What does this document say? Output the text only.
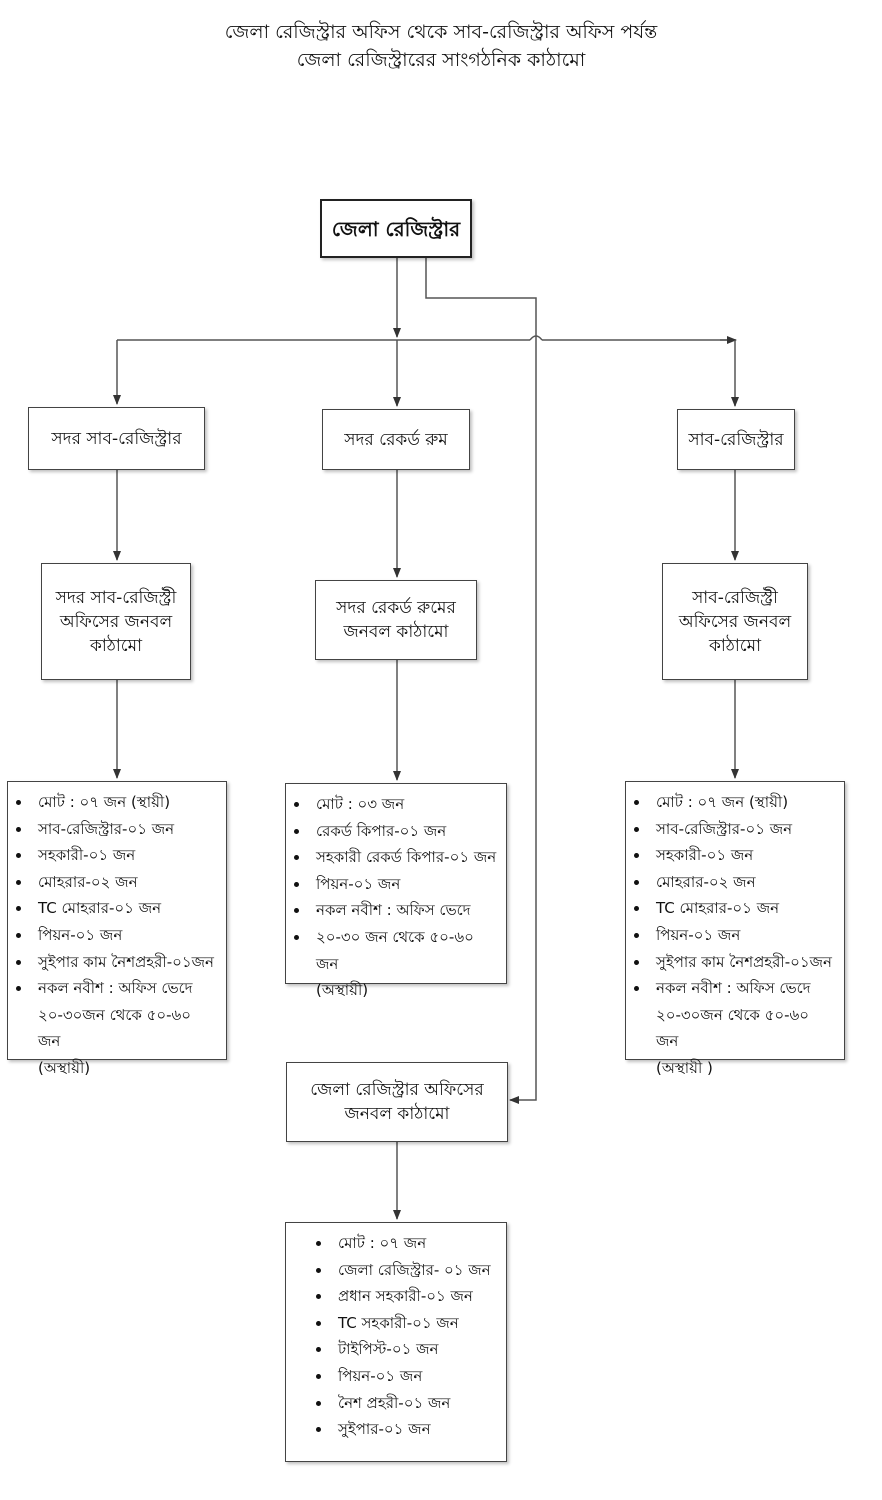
জেলা রেজিস্ট্রার অফিস থেকে সাব-রেজিস্ট্রার অফিস পর্যন্ত
জেলা রেজিস্ট্রারের সাংগঠনিক কাঠামো
জেলা রেজিস্ট্রার
সদর সাব-রেজিস্ট্রার	সদর রেকর্ড রুম	সাব-রেজিস্ট্রার
সদর সাব-রেজিস্ট্রী অফিসের জনবল কাঠামো
সদর রেকর্ড রুমের জনবল কাঠামো
সাব-রেজিস্ট্রী অফিসের জনবল কাঠামো
মোট : ০৭ জন (স্থায়ী)
সাব-রেজিস্ট্রার-০১ জন
সহকারী-০১ জন
মোহরার-০২ জন
TC মোহরার-০১ জন
পিয়ন-০১ জন
সুইপার কাম নৈশপ্রহরী-০১জন
নকল নবীশ : অফিস ভেদে
২০-৩০জন থেকে ৫০-৬০ জন
(অস্থায়ী)
মোট : ০৩ জন
রেকর্ড কিপার-০১ জন
সহকারী রেকর্ড কিপার-০১ জন
পিয়ন-০১ জন
নকল নবীশ : অফিস ভেদে
২০-৩০ জন থেকে ৫০-৬০ জন
(অস্থায়ী)
মোট : ০৭ জন (স্থায়ী)
সাব-রেজিস্ট্রার-০১ জন
সহকারী-০১ জন
মোহরার-০২ জন
TC মোহরার-০১ জন
পিয়ন-০১ জন
সুইপার কাম নৈশপ্রহরী-০১জন
নকল নবীশ : অফিস ভেদে
২০-৩০জন থেকে ৫০-৬০ জন
(অস্থায়ী )
জেলা রেজিস্ট্রার অফিসের জনবল কাঠামো
মোট : ০৭ জন
জেলা রেজিস্ট্রার- ০১ জন
প্রধান সহকারী-০১ জন
TC সহকারী-০১ জন
টাইপিস্ট-০১ জন
পিয়ন-০১ জন
নৈশ প্রহরী-০১ জন
সুইপার-০১ জন
